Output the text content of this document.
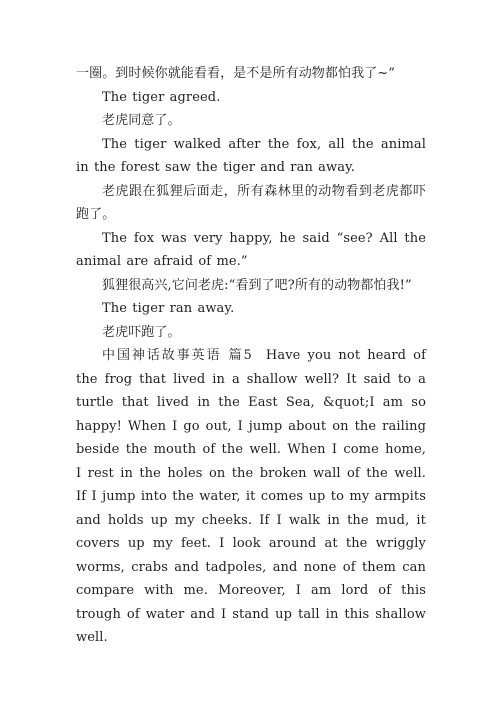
一圈。到时候你就能看看，是不是所有动物都怕我了~”

The tiger agreed.

老虎同意了。

The tiger walked after the fox, all the animal in the forest saw the tiger and ran away.

老虎跟在狐狸后面走，所有森林里的动物看到老虎都吓跑了。

The fox was very happy, he said “see? All the animal are afraid of me.”

狐狸很高兴,它问老虎:“看到了吧?所有的动物都怕我!”

The tiger ran away.

老虎吓跑了。

中国神话故事英语 篇5 Have you not heard of the frog that lived in a shallow well? It said to a turtle that lived in the East Sea, &quot;I am so happy! When I go out, I jump about on the railing beside the mouth of the well. When I come home, I rest in the holes on the broken wall of the well. If I jump into the water, it comes up to my armpits and holds up my cheeks. If I walk in the mud, it covers up my feet. I look around at the wriggly worms, crabs and tadpoles, and none of them can compare with me. Moreover, I am lord of this trough of water and I stand up tall in this shallow well.
